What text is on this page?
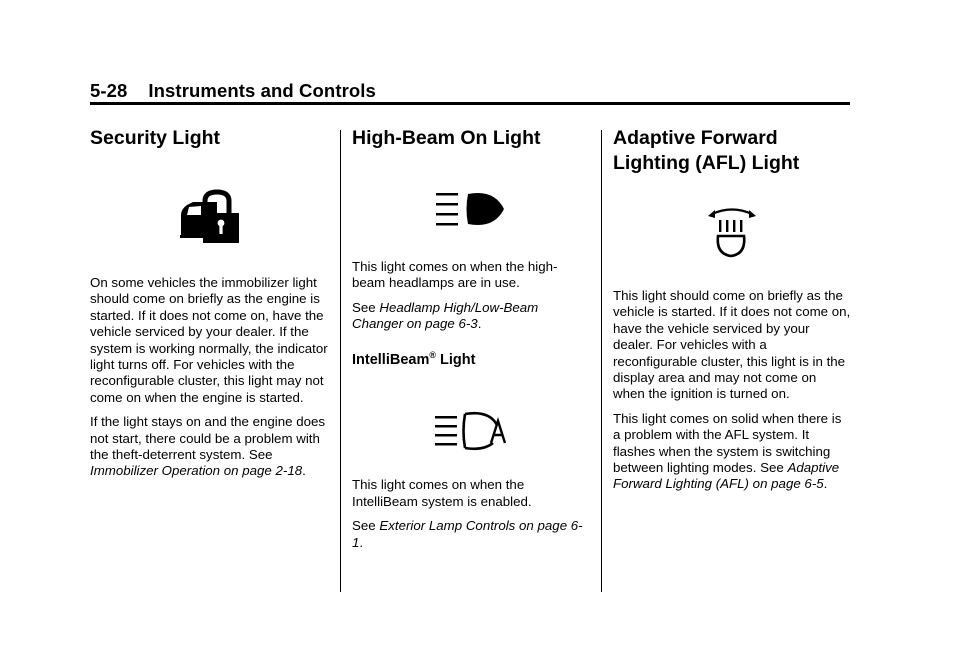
5-28 Instruments and Controls
Security Light

On some vehicles the immobilizer light should come on briefly as the engine is started. If it does not come on, have the vehicle serviced by your dealer. If the system is working normally, the indicator light turns off. For vehicles with the reconfigurable cluster, this light may not come on when the engine is started.

If the light stays on and the engine does not start, there could be a problem with the theft-deterrent system. See Immobilizer Operation on page 2-18.

High-Beam On Light

This light comes on when the high-beam headlamps are in use.

See Headlamp High/Low-Beam Changer on page 6-3.

IntelliBeam® Light

This light comes on when the IntelliBeam system is enabled.

See Exterior Lamp Controls on page 6-1.

Adaptive Forward Lighting (AFL) Light

This light should come on briefly as the vehicle is started. If it does not come on, have the vehicle serviced by your dealer. For vehicles with a reconfigurable cluster, this light is in the display area and may not come on when the ignition is turned on.

This light comes on solid when there is a problem with the AFL system. It flashes when the system is switching between lighting modes. See Adaptive Forward Lighting (AFL) on page 6-5.
